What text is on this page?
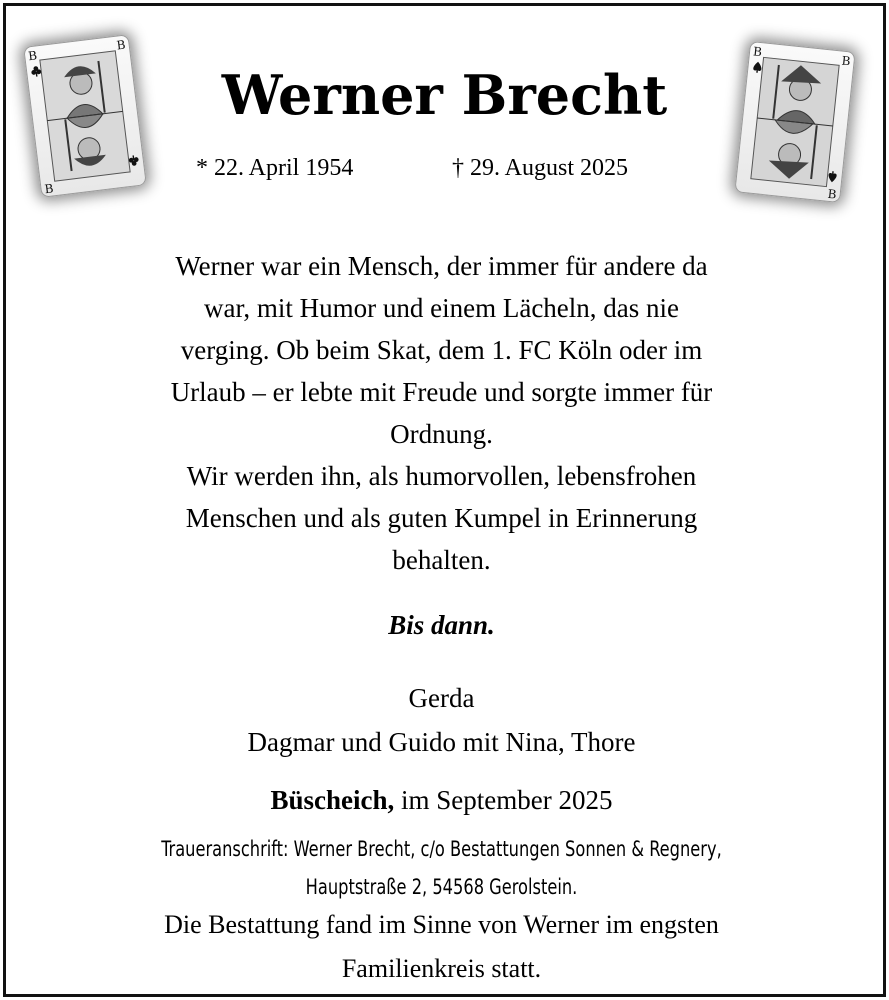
B
B
B
B
B
B
Werner Brecht
* 22. April 1954	† 29. August 2025
Werner war ein Mensch, der immer für andere da
war, mit Humor und einem Lächeln, das nie
verging. Ob beim Skat, dem 1. FC Köln oder im
Urlaub – er lebte mit Freude und sorgte immer für
Ordnung.
Wir werden ihn, als humorvollen, lebensfrohen
Menschen und als guten Kumpel in Erinnerung
behalten.
Bis dann.
Gerda
Dagmar und Guido mit Nina, Thore
Büscheich, im September 2025
Traueranschrift: Werner Brecht, c/o Bestattungen Sonnen & Regnery,
Hauptstraße 2, 54568 Gerolstein.
Die Bestattung fand im Sinne von Werner im engsten
Familienkreis statt.
